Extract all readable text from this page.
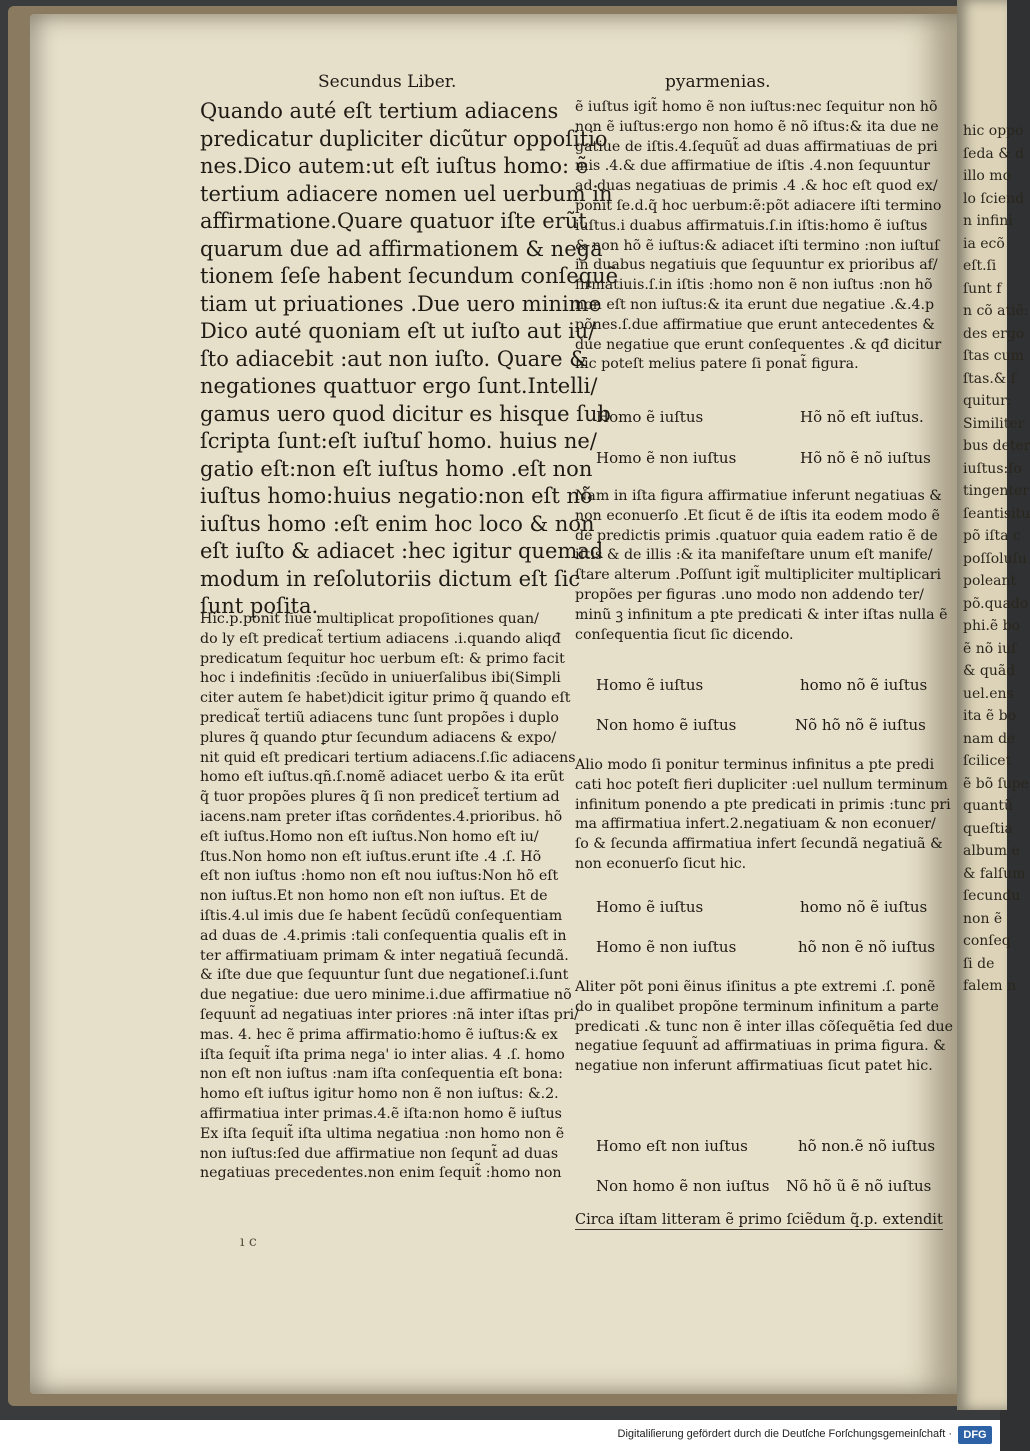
hic oppo
ſeda & d
illo mo
lo ſciend
n infini
ia ecõ
eſt.ſi
ſunt f
n cõ atiẽ:
des ergo
ſtas cum
ſtas.& ſ
quitur:
Similiter
bus deter
iuſtus:ſo
tingenter
ſeantisitu
põ iſta c
poſſoluſu
poleant
põ.quado
phi.ẽ bo
ẽ nõ iuſ
& quãd
uel.ens
ita ẽ bo
nam de
ſcilicet
ẽ bõ ſupe
quantũ
queſtia
album e
& falſum
ſecundu
non ẽ
conſeq
ſi de
falem n
Secundus Liber.	pyarmenias.
Quando auté eſt tertium adiacens
predicatur dupliciter dicũtur oppoſitio
nes.Dico autem:ut eſt iuſtus homo: ẽ
tertium adiacere nomen uel uerbum in
affirmatione.Quare quatuor iſte erũt
quarum due ad affirmationem & nega
tionem ſeſe habent ſecundum conſequẽ
tiam ut priuationes .Due uero minime
Dico auté quoniam eſt ut iuſto aut iu/
ſto adiacebit :aut non iuſto. Quare &
negationes quattuor ergo ſunt.Intelli/
gamus uero quod dicitur es hisque ſub
ſcripta ſunt:eſt iuſtuſ homo. huius ne/
gatio eſt:non eſt iuſtus homo .eſt non
iuſtus homo:huius negatio:non eſt nõ
iuſtus homo :eſt enim hoc loco & non
eſt iuſto & adiacet :hec igitur quemad
modum in reſolutoriis dictum eſt ſic
ſunt poſita.
Hic.p.ponit ſiue multiplicat propoſitiones quan/
do ly eſt predicat̃ tertium adiacens .i.quando aliqđ
predicatum ſequitur hoc uerbum eſt: & primo facit
hoc i indefinitis :ſecũdo in uniuerſalibus ibi(Simpli
citer autem ſe habet)dicit igitur primo q̃ quando eſt
predicat̃ tertiũ adiacens tunc ſunt propões i duplo
plures q̃ quando ꝑtur ſecundum adiacens & expo/
nit quid eſt predicari tertium adiacens.ſ.ſic adiacens
homo eſt iuſtus.qñ.ſ.nomẽ adiacet uerbo & ita erũt
q̃ tuor propões plures q̃ ſi non predicet̃ tertium ad
iacens.nam preter iſtas corñdentes.4.prioribus. hõ
eſt iuſtus.Homo non eſt iuſtus.Non homo eſt iu/
ſtus.Non homo non eſt iuſtus.erunt iſte .4 .ſ. Hõ
eſt non iuſtus :homo non eſt nou iuſtus:Non hõ eſt
non iuſtus.Et non homo non eſt non iuſtus. Et de
iſtis.4.ul imis due ſe habent ſecũdũ conſequentiam
ad duas de .4.primis :tali conſequentia qualis eſt in
ter affirmatiuam primam & inter negatiuã ſecundã.
& iſte due que ſequuntur ſunt due negationeſ.i.ſunt
due negatiue: due uero minime.i.due affirmatiue nõ
ſequunt̃ ad negatiuas inter priores :nã inter iſtas pri/
mas. 4. hec ẽ prima affirmatio:homo ẽ iuſtus:& ex
iſta ſequit̃ iſta prima nega' io inter alias. 4 .ſ. homo
non eſt non iuſtus :nam iſta conſequentia eſt bona:
homo eſt iuſtus igitur homo non ẽ non iuſtus: &.2.
affirmatiua inter primas.4.ẽ iſta:non homo ẽ iuſtus
Ex iſta ſequit̃ iſta ultima negatiua :non homo non ẽ
non iuſtus:ſed due affirmatiue non ſequnt̃ ad duas
negatiuas precedentes.non enim ſequit̃ :homo non
ẽ iuſtus igit̃ homo ẽ non iuſtus:nec ſequitur non hõ
non ẽ iuſtus:ergo non homo ẽ nõ iſtus:& ita due ne
gatiue de iſtis.4.ſequũt̃ ad duas affirmatiuas de pri
mis .4.& due affirmatiue de iſtis .4.non ſequuntur
ad duas negatiuas de primis .4 .& hoc eſt quod ex/
ponit ſe.d.q̃ hoc uerbum:ẽ:põt adiacere iſti termino
iuſtus.i duabus affirmatuis.ſ.in iſtis:homo ẽ iuſtus
& non hõ ẽ iuſtus:& adiacet iſti termino :non iuſtuſ
in duabus negatiuis que ſequuntur ex prioribus af/
firmatiuis.ſ.in iſtis :homo non ẽ non iuſtus :non hõ
non eſt non iuſtus:& ita erunt due negatiue .&.4.p
põnes.ſ.due affirmatiue que erunt antecedentes &
due negatiue que erunt conſequentes .& qđ dicitur
hic poteſt melius patere ſi ponat̃ figura.
Homo ẽ iuſtus	Hõ nõ eſt iuſtus.
Homo ẽ non iuſtus	Hõ nõ ẽ nõ iuſtus
Nam in iſta figura affirmatiue inferunt negatiuas &
non econuerſo .Et ſicut ẽ de iſtis ita eodem modo ẽ
de predictis primis .quatuor quia eadem ratio ẽ de
iſtis & de illis :& ita manifeſtare unum eſt manife/
ſtare alterum .Poſſunt igit̃ multipliciter multiplicari
propões per figuras .uno modo non addendo ter/
minũ ꝫ infinitum a pte predicati & inter iſtas nulla ẽ
conſequentia ſicut ſic dicendo.
Homo ẽ iuſtus	homo nõ ẽ iuſtus
Non homo ẽ iuſtus	Nõ hõ nõ ẽ iuſtus
Alio modo ſi ponitur terminus infinitus a pte predi
cati hoc poteſt fieri dupliciter :uel nullum terminum
infinitum ponendo a pte predicati in primis :tunc pri
ma affirmatiua infert.2.negatiuam & non econuer/
ſo & ſecunda affirmatiua infert ſecundã negatiuã &
non econuerſo ſicut hic.
Homo ẽ iuſtus	homo nõ ẽ iuſtus
Homo ẽ non iuſtus	hõ non ẽ nõ iuſtus
Aliter põt poni ẽinus iſinitus a pte extremi .ſ. ponẽ
do in qualibet propõne terminum infinitum a parte
predicati .& tunc non ẽ inter illas cõſequẽtia ſed due
negatiue ſequunt̃ ad affirmatiuas in prima figura. &
negatiue non inferunt affirmatiuas ſicut patet hic.
Homo eſt non iuſtus	hõ non.ẽ nõ iuſtus
Non homo ẽ non iuſtus Nõ hõ ũ ẽ nõ iuſtus
Circa iſtam litteram ẽ primo ſciẽdum q̃.p. extendit
ı c
Digitaliſierung gefördert durch die Deutſche Forſchungsgemeinſchaft ·	DFG
